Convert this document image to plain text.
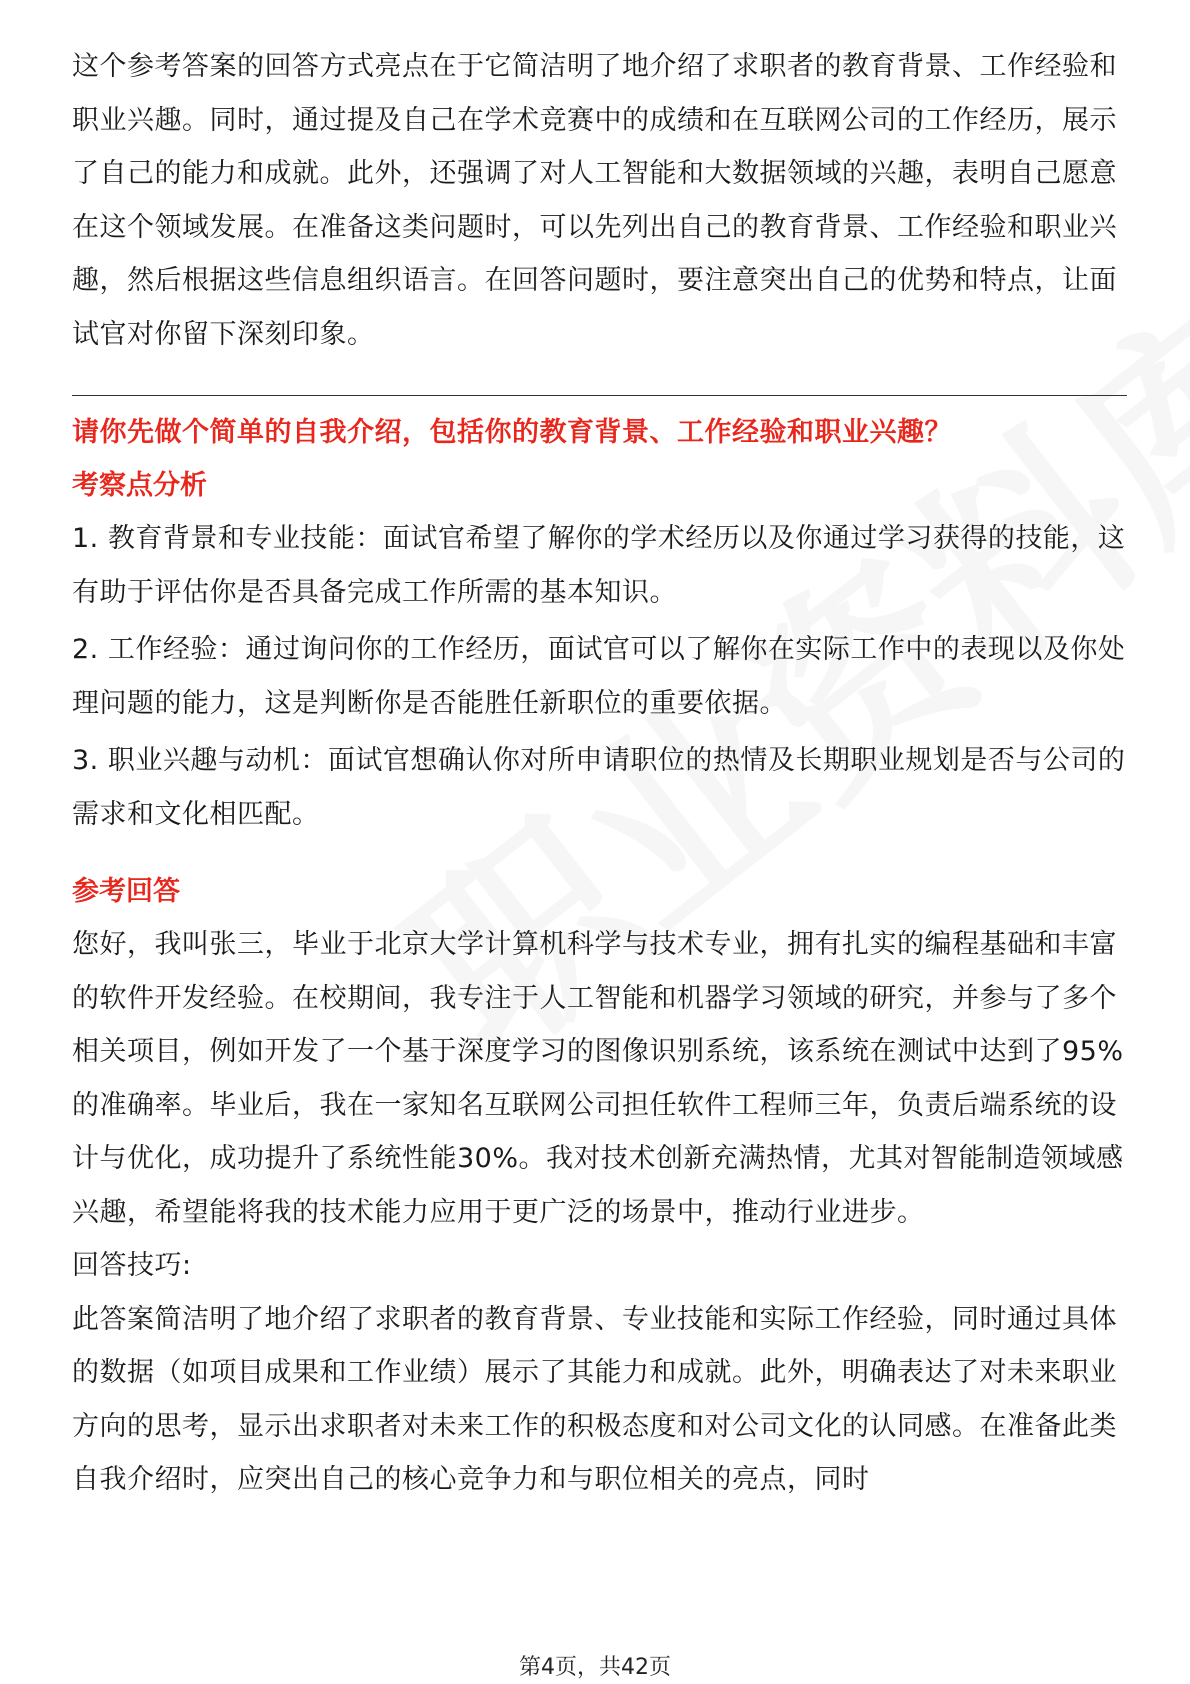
这个参考答案的回答方式亮点在于它简洁明了地介绍了求职者的教育背景、工作经验和职业兴趣。同时，通过提及自己在学术竞赛中的成绩和在互联网公司的工作经历，展示了自己的能力和成就。此外，还强调了对人工智能和大数据领域的兴趣，表明自己愿意在这个领域发展。在准备这类问题时，可以先列出自己的教育背景、工作经验和职业兴趣，然后根据这些信息组织语言。在回答问题时，要注意突出自己的优势和特点，让面试官对你留下深刻印象。

请你先做个简单的自我介绍，包括你的教育背景、工作经验和职业兴趣？

考察点分析

1. 教育背景和专业技能：面试官希望了解你的学术经历以及你通过学习获得的技能，这有助于评估你是否具备完成工作所需的基本知识。

2. 工作经验：通过询问你的工作经历，面试官可以了解你在实际工作中的表现以及你处理问题的能力，这是判断你是否能胜任新职位的重要依据。

3. 职业兴趣与动机：面试官想确认你对所申请职位的热情及长期职业规划是否与公司的需求和文化相匹配。

参考回答

您好，我叫张三，毕业于北京大学计算机科学与技术专业，拥有扎实的编程基础和丰富的软件开发经验。在校期间，我专注于人工智能和机器学习领域的研究，并参与了多个相关项目，例如开发了一个基于深度学习的图像识别系统，该系统在测试中达到了95%的准确率。毕业后，我在一家知名互联网公司担任软件工程师三年，负责后端系统的设计与优化，成功提升了系统性能30%。我对技术创新充满热情，尤其对智能制造领域感兴趣，希望能将我的技术能力应用于更广泛的场景中，推动行业进步。

回答技巧:

此答案简洁明了地介绍了求职者的教育背景、专业技能和实际工作经验，同时通过具体的数据（如项目成果和工作业绩）展示了其能力和成就。此外，明确表达了对未来职业方向的思考，显示出求职者对未来工作的积极态度和对公司文化的认同感。在准备此类自我介绍时，应突出自己的核心竞争力和与职位相关的亮点，同时

第4页，共42页
